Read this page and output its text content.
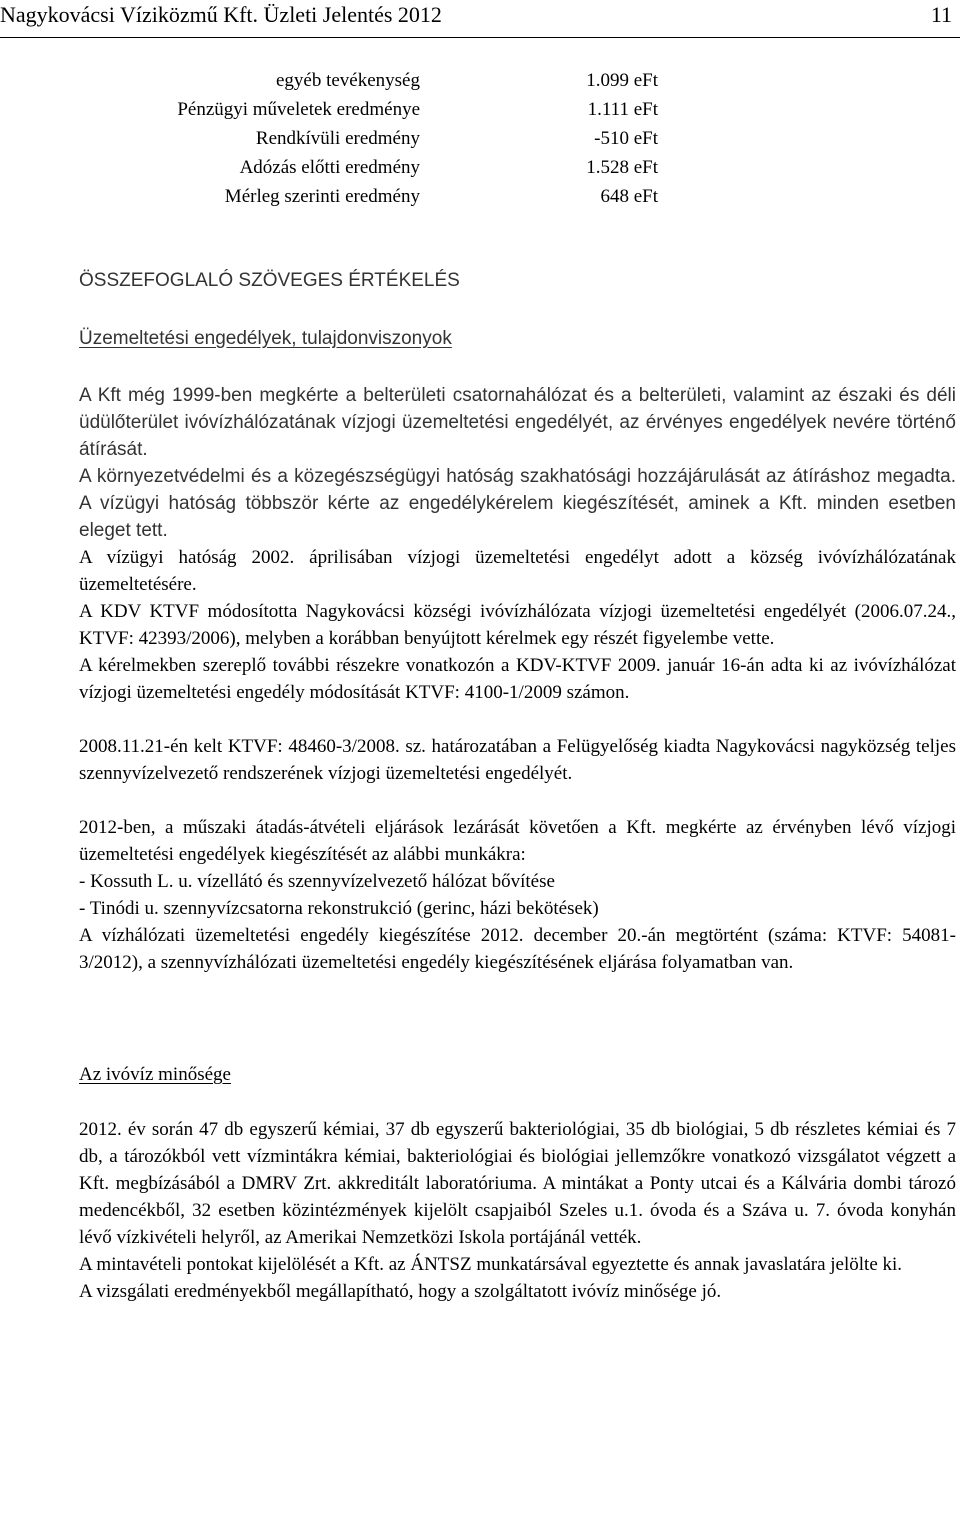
Nagykovácsi Víziközmű Kft. Üzleti Jelentés 2012	11
egyéb tevékenység	1.099 eFt
Pénzügyi műveletek eredménye	1.111 eFt
Rendkívüli eredmény	-510 eFt
Adózás előtti eredmény	1.528 eFt
Mérleg szerinti eredmény	648 eFt

ÖSSZEFOGLALÓ SZÖVEGES ÉRTÉKELÉS

Üzemeltetési engedélyek, tulajdonviszonyok

A Kft még 1999-ben megkérte a belterületi csatornahálózat és a belterületi, valamint az északi és déli üdülőterület ivóvízhálózatának vízjogi üzemeltetési engedélyét, az érvényes engedélyek nevére történő átírását.

A környezetvédelmi és a közegészségügyi hatóság szakhatósági hozzájárulását az átíráshoz megadta. A vízügyi hatóság többször kérte az engedélykérelem kiegészítését, aminek a Kft. minden esetben eleget tett.

A vízügyi hatóság 2002. áprilisában vízjogi üzemeltetési engedélyt adott a község ivóvízhálózatának üzemeltetésére.

A KDV KTVF módosította Nagykovácsi községi ivóvízhálózata vízjogi üzemeltetési engedélyét (2006.07.24., KTVF: 42393/2006), melyben a korábban benyújtott kérelmek egy részét figyelembe vette.

A kérelmekben szereplő további részekre vonatkozón a KDV-KTVF 2009. január 16-án adta ki az ivóvízhálózat vízjogi üzemeltetési engedély módosítását KTVF: 4100-1/2009 számon.

2008.11.21-én kelt KTVF: 48460-3/2008. sz. határozatában a Felügyelőség kiadta Nagykovácsi nagyközség teljes szennyvízelvezető rendszerének vízjogi üzemeltetési engedélyét.

2012-ben, a műszaki átadás-átvételi eljárások lezárását követően a Kft. megkérte az érvényben lévő vízjogi üzemeltetési engedélyek kiegészítését az alábbi munkákra:

- Kossuth L. u. vízellátó és szennyvízelvezető hálózat bővítése

- Tinódi u. szennyvízcsatorna rekonstrukció (gerinc, házi bekötések)

A vízhálózati üzemeltetési engedély kiegészítése 2012. december 20.-án megtörtént (száma: KTVF: 54081-3/2012), a szennyvízhálózati üzemeltetési engedély kiegészítésének eljárása folyamatban van.

Az ivóvíz minősége

2012. év során 47 db egyszerű kémiai, 37 db egyszerű bakteriológiai, 35 db biológiai, 5 db részletes kémiai és 7 db, a tározókból vett vízmintákra kémiai, bakteriológiai és biológiai jellemzőkre vonatkozó vizsgálatot végzett a Kft. megbízásából a DMRV Zrt. akkreditált laboratóriuma. A mintákat a Ponty utcai és a Kálvária dombi tározó medencékből, 32 esetben közintézmények kijelölt csapjaiból Szeles u.1. óvoda és a Száva u. 7. óvoda konyhán lévő vízkivételi helyről, az Amerikai Nemzetközi Iskola portájánál vették.

A mintavételi pontokat kijelölését a Kft. az ÁNTSZ munkatársával egyeztette és annak javaslatára jelölte ki.

A vizsgálati eredményekből megállapítható, hogy a szolgáltatott ivóvíz minősége jó.
